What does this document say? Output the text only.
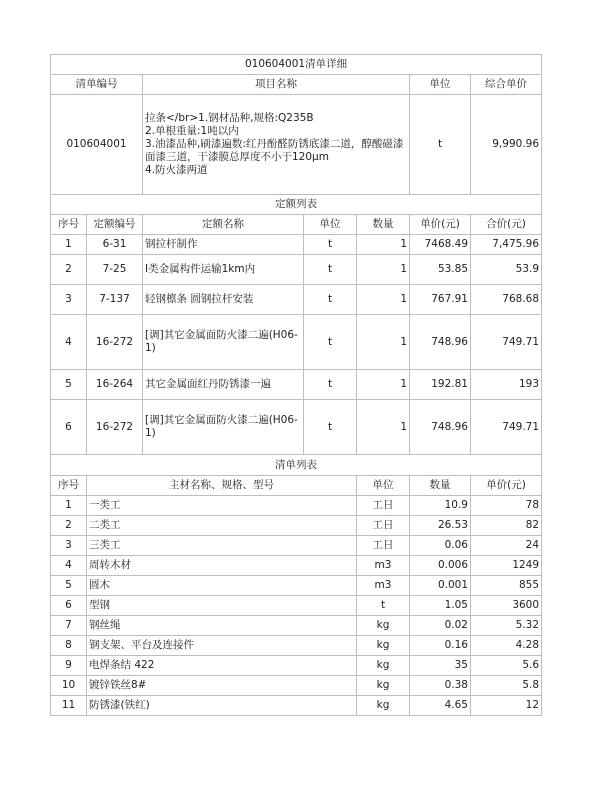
010604001清单详细							
清单编号		项目名称			单位	综合单价	
010604001		拉条</br>1.钢材品种,规格:Q235B
2.单根重量:1吨以内
3.油漆品种,刷漆遍数:红丹酚醛防锈底漆二道，醇酸磁漆面漆三道，干漆膜总厚度不小于120μm
4.防火漆两道			t	9,990.96	
定额列表							
序号	定额编号	定额名称	单位	数量	单价(元)	合价(元)	
1	6-31	钢拉杆制作	t	1	7468.49	7,475.96	
2	7-25	Ⅰ类金属构件运输1km内	t	1	53.85	53.9	
3	7-137	轻钢檩条 圆钢拉杆安装	t	1	767.91	768.68	
4	16-272	[调]其它金属面防火漆二遍(H06-1)	t	1	748.96	749.71	
5	16-264	其它金属面红丹防锈漆一遍	t	1	192.81	193	
6	16-272	[调]其它金属面防火漆二遍(H06-1)	t	1	748.96	749.71	
清单列表							
序号	主材名称、规格、型号			单位	数量	单价(元)	
1	一类工			工日	10.9	78	
2	二类工			工日	26.53	82	
3	三类工			工日	0.06	24	
4	周转木材			m3	0.006	1249	
5	圆木			m3	0.001	855	
6	型钢			t	1.05	3600	
7	钢丝绳			kg	0.02	5.32	
8	钢支架、平台及连接件			kg	0.16	4.28	
9	电焊条结 422			kg	35	5.6	
10	镀锌铁丝8#			kg	0.38	5.8	
11	防锈漆(铁红)			kg	4.65	12	
